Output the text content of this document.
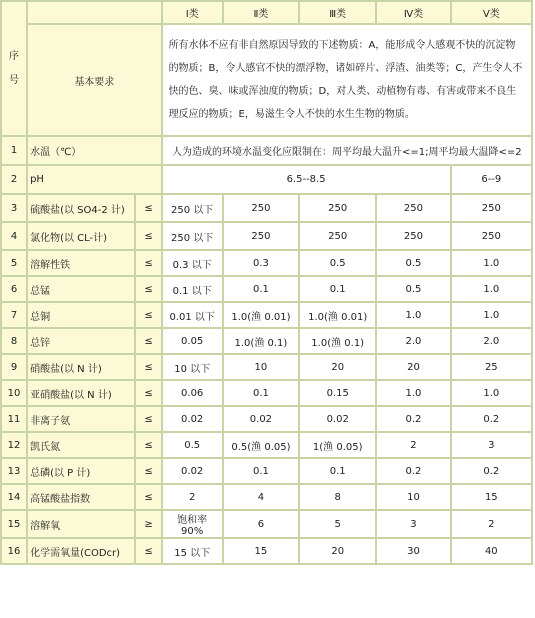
序
号			Ⅰ类	Ⅱ类	Ⅲ类	Ⅳ类	Ⅴ类
	基本要求		所有水体不应有非自然原因导致的下述物质：A，能形成令人感观不快的沉淀物的物质；B，令人感官不快的漂浮物，诸如碎片、浮渣、油类等；C，产生令人不快的色、臭、味或浑浊度的物质；D，对人类、动植物有毒、有害或带来不良生理反应的物质；E，易滋生令人不快的水生生物的物质。				
1	水温（℃）		人为造成的环境水温变化应限制在：周平均最大温升<=1;周平均最大温降<=2				
2	pH		6.5--8.5				6--9
3	硫酸盐(以 SO4-2 计)	≤	250 以下	250	250	250	250
4	氯化物(以 CL-计)	≤	250 以下	250	250	250	250
5	溶解性铁	≤	0.3 以下	0.3	0.5	0.5	1.0
6	总锰	≤	0.1 以下	0.1	0.1	0.5	1.0
7	总铜	≤	0.01 以下	1.0(渔 0.01)	1.0(渔 0.01)	1.0	1.0
8	总锌	≤	0.05	1.0(渔 0.1)	1.0(渔 0.1)	2.0	2.0
9	硝酸盐(以 N 计)	≤	10 以下	10	20	20	25
10	亚硝酸盐(以 N 计)	≤	0.06	0.1	0.15	1.0	1.0
11	非离子氨	≤	0.02	0.02	0.02	0.2	0.2
12	凯氏氮	≤	0.5	0.5(渔 0.05)	1(渔 0.05)	2	3
13	总磷(以 P 计)	≤	0.02	0.1	0.1	0.2	0.2
14	高锰酸盐指数	≤	2	4	8	10	15
15	溶解氧	≥	饱和率 90%	6	5	3	2
16	化学需氧量(CODcr)	≤	15 以下	15	20	30	40
